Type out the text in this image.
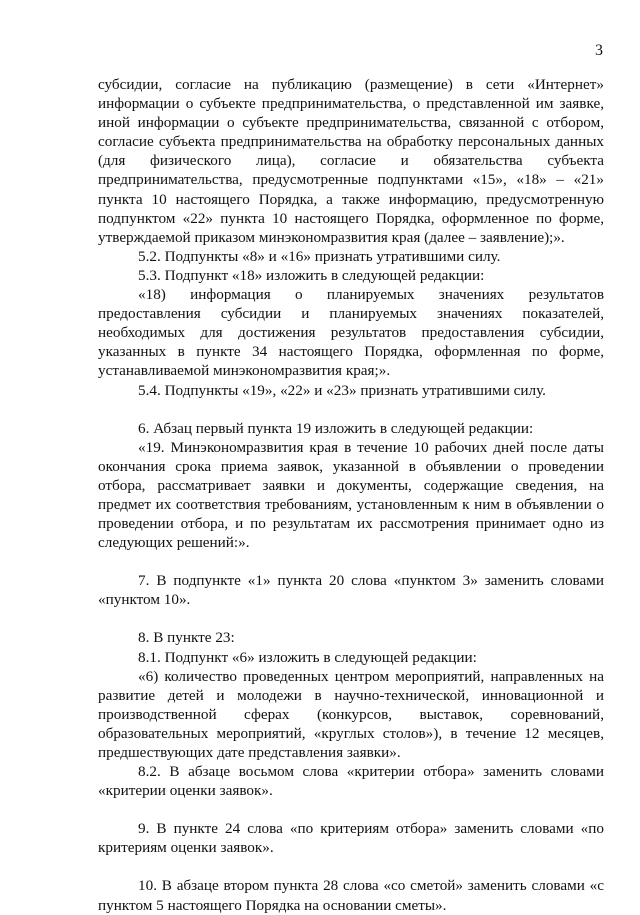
3

субсидии, согласие на публикацию (размещение) в сети «Интернет» информации о субъекте предпринимательства, о представленной им заявке, иной информации о субъекте предпринимательства, связанной с отбором, согласие субъекта предпринимательства на обработку персональных данных (для физического лица), согласие и обязательства субъекта предпринимательства, предусмотренные подпунктами «15», «18» – «21» пункта 10 настоящего Порядка, а также информацию, предусмотренную подпунктом «22» пункта 10 настоящего Порядка, оформленное по форме, утверждаемой приказом минэкономразвития края (далее – заявление);».

5.2. Подпункты «8» и «16» признать утратившими силу.

5.3. Подпункт «18» изложить в следующей редакции:

«18) информация о планируемых значениях результатов предоставления субсидии и планируемых значениях показателей, необходимых для достижения результатов предоставления субсидии, указанных в пункте 34 настоящего Порядка, оформленная по форме, устанавливаемой минэкономразвития края;».

5.4. Подпункты «19», «22» и «23» признать утратившими силу.

6. Абзац первый пункта 19 изложить в следующей редакции:

«19. Минэкономразвития края в течение 10 рабочих дней после даты окончания срока приема заявок, указанной в объявлении о проведении отбора, рассматривает заявки и документы, содержащие сведения, на предмет их соответствия требованиям, установленным к ним в объявлении о проведении отбора, и по результатам их рассмотрения принимает одно из следующих решений:».

7. В подпункте «1» пункта 20 слова «пунктом 3» заменить словами «пунктом 10».

8. В пункте 23:

8.1. Подпункт «6» изложить в следующей редакции:

«6) количество проведенных центром мероприятий, направленных на развитие детей и молодежи в научно-технической, инновационной и производственной сферах (конкурсов, выставок, соревнований, образовательных мероприятий, «круглых столов»), в течение 12 месяцев, предшествующих дате представления заявки».

8.2. В абзаце восьмом слова «критерии отбора» заменить словами «критерии оценки заявок».

9. В пункте 24 слова «по критериям отбора» заменить словами «по критериям оценки заявок».

10. В абзаце втором пункта 28 слова «со сметой» заменить словами «с пунктом 5 настоящего Порядка на основании сметы».
